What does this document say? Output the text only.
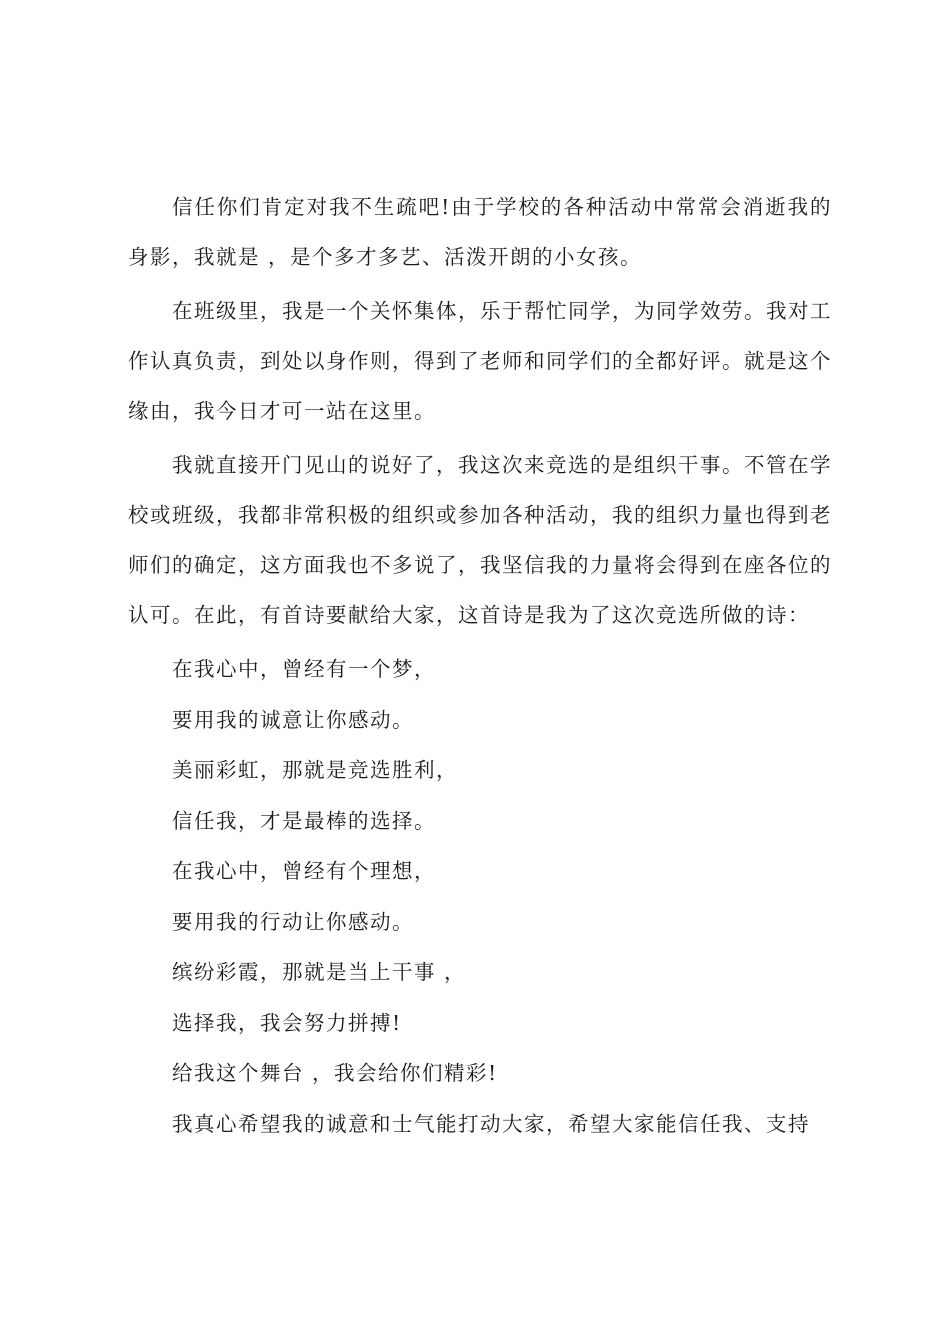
信任你们肯定对我不生疏吧!由于学校的各种活动中常常会消逝我的身影，我就是 ，是个多才多艺、活泼开朗的小女孩。

在班级里，我是一个关怀集体，乐于帮忙同学，为同学效劳。我对工作认真负责，到处以身作则，得到了老师和同学们的全都好评。就是这个缘由，我今日才可一站在这里。

我就直接开门见山的说好了，我这次来竞选的是组织干事。不管在学校或班级，我都非常积极的组织或参加各种活动，我的组织力量也得到老师们的确定，这方面我也不多说了，我坚信我的力量将会得到在座各位的认可。在此，有首诗要献给大家，这首诗是我为了这次竞选所做的诗：

在我心中，曾经有一个梦，

要用我的诚意让你感动。

美丽彩虹，那就是竞选胜利，

信任我，才是最棒的选择。

在我心中，曾经有个理想，

要用我的行动让你感动。

缤纷彩霞，那就是当上干事 ，

选择我，我会努力拼搏!

给我这个舞台 ，我会给你们精彩!

我真心希望我的诚意和士气能打动大家，希望大家能信任我、支持
